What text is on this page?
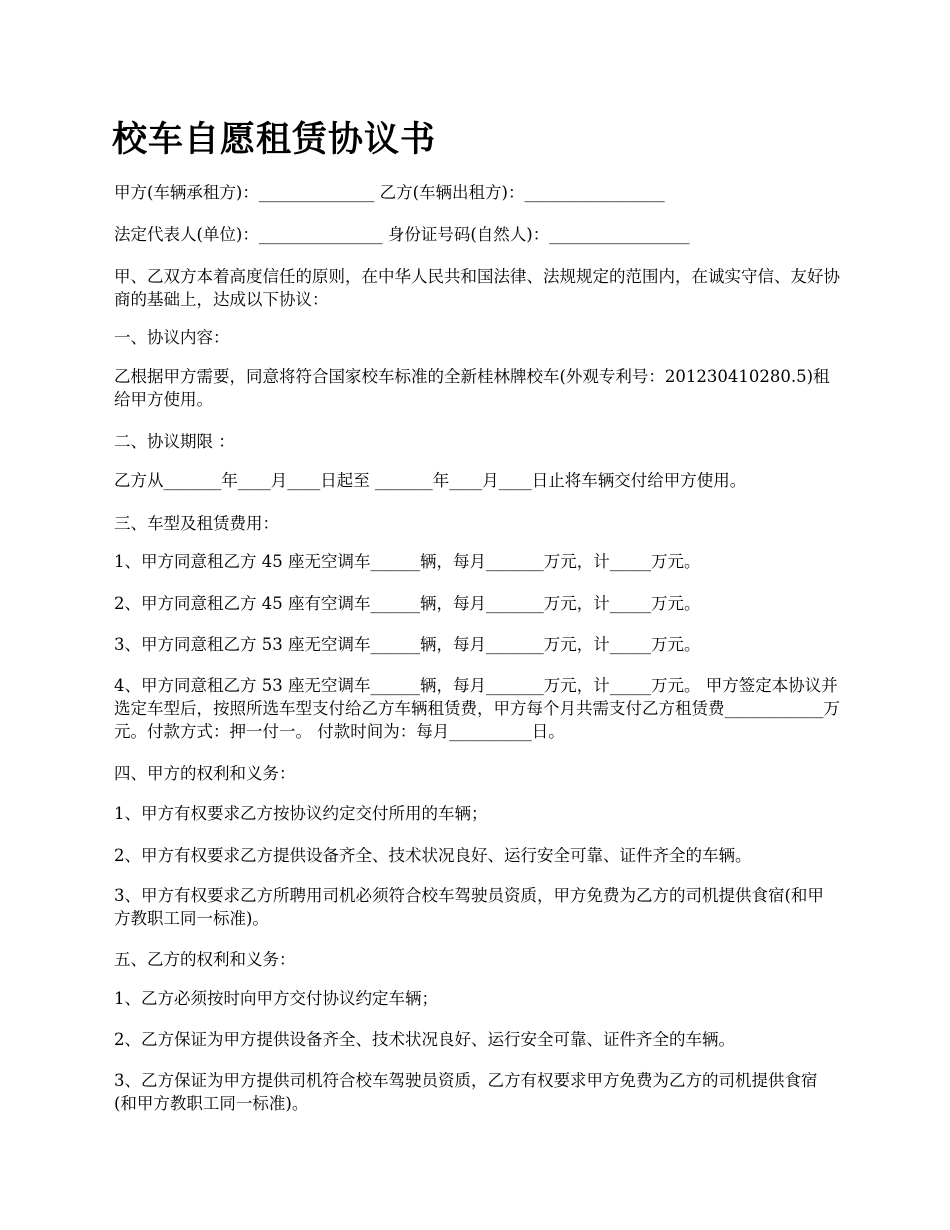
校车自愿租赁协议书

甲方(车辆承租方)：______________ 乙方(车辆出租方)：_________________

法定代表人(单位)：_______________ 身份证号码(自然人)：_________________

甲、乙双方本着高度信任的原则，在中华人民共和国法律、法规规定的范围内，在诚实守信、友好协商的基础上，达成以下协议：

一、协议内容：

乙根据甲方需要，同意将符合国家校车标准的全新桂林牌校车(外观专利号：201230410280.5)租给甲方使用。

二、协议期限 ：

乙方从_______年____月____日起至 _______年____月____日止将车辆交付给甲方使用。

三、车型及租赁费用：

1、甲方同意租乙方 45 座无空调车______辆，每月_______万元，计_____万元。

2、甲方同意租乙方 45 座有空调车______辆，每月_______万元，计_____万元。

3、甲方同意租乙方 53 座无空调车______辆，每月_______万元，计_____万元。

4、甲方同意租乙方 53 座无空调车______辆，每月_______万元，计_____万元。 甲方签定本协议并选定车型后，按照所选车型支付给乙方车辆租赁费，甲方每个月共需支付乙方租赁费____________万元。付款方式：押一付一。 付款时间为：每月__________日。

四、甲方的权利和义务：

1、甲方有权要求乙方按协议约定交付所用的车辆；

2、甲方有权要求乙方提供设备齐全、技术状况良好、运行安全可靠、证件齐全的车辆。

3、甲方有权要求乙方所聘用司机必须符合校车驾驶员资质，甲方免费为乙方的司机提供食宿(和甲方教职工同一标准)。

五、乙方的权利和义务：

1、乙方必须按时向甲方交付协议约定车辆；

2、乙方保证为甲方提供设备齐全、技术状况良好、运行安全可靠、证件齐全的车辆。

3、乙方保证为甲方提供司机符合校车驾驶员资质，乙方有权要求甲方免费为乙方的司机提供食宿(和甲方教职工同一标准)。
